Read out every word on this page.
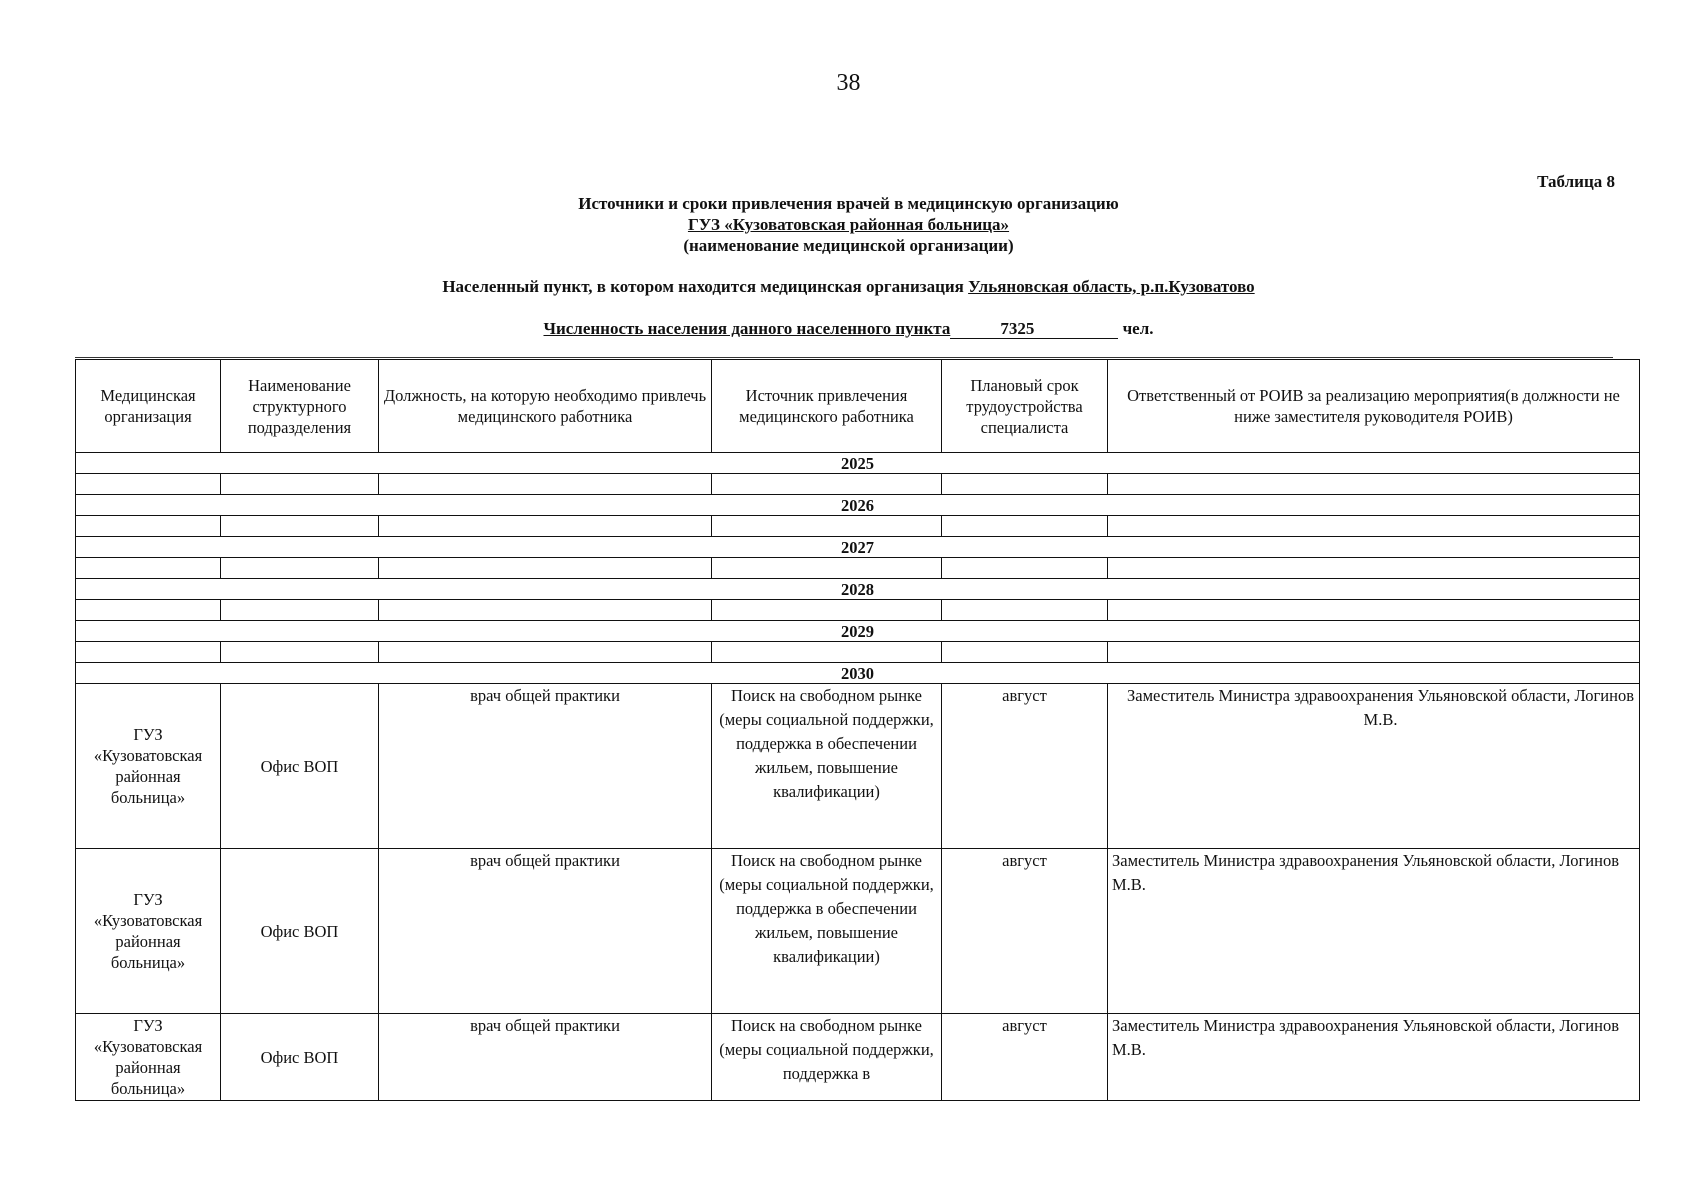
38
Таблица 8
Источники и сроки привлечения врачей в медицинскую организацию
ГУЗ «Кузоватовская районная больница»
(наименование медицинской организации)
Населенный пункт, в котором находится медицинская организация Ульяновская область, р.п.Кузоватово
Численность населения данного населенного пункта	7325	чел.
Медицинская организация	Наименование структурного подразделения	Должность, на которую необходимо привлечь медицинского работника	Источник привлечения медицинского работника	Плановый срок трудоустройства специалиста	Ответственный от РОИВ за реализацию мероприятия(в должности не ниже заместителя руководителя РОИВ)
2025					

2026					

2027					

2028					

2029					

2030					
ГУЗ «Кузоватовская районная больница»	Офис ВОП	врач общей практики	Поиск на свободном рынке (меры социальной поддержки, поддержка в обеспечении жильем, повышение квалификации)	август	Заместитель Министра здравоохранения Ульяновской области, Логинов М.В.
ГУЗ «Кузоватовская районная больница»	Офис ВОП	врач общей практики	Поиск на свободном рынке (меры социальной поддержки, поддержка в обеспечении жильем, повышение квалификации)	август	Заместитель Министра здравоохранения Ульяновской области, Логинов М.В.
ГУЗ «Кузоватовская районная больница»	Офис ВОП	врач общей практики	Поиск на свободном рынке (меры социальной поддержки, поддержка в	август	Заместитель Министра здравоохранения Ульяновской области, Логинов М.В.
